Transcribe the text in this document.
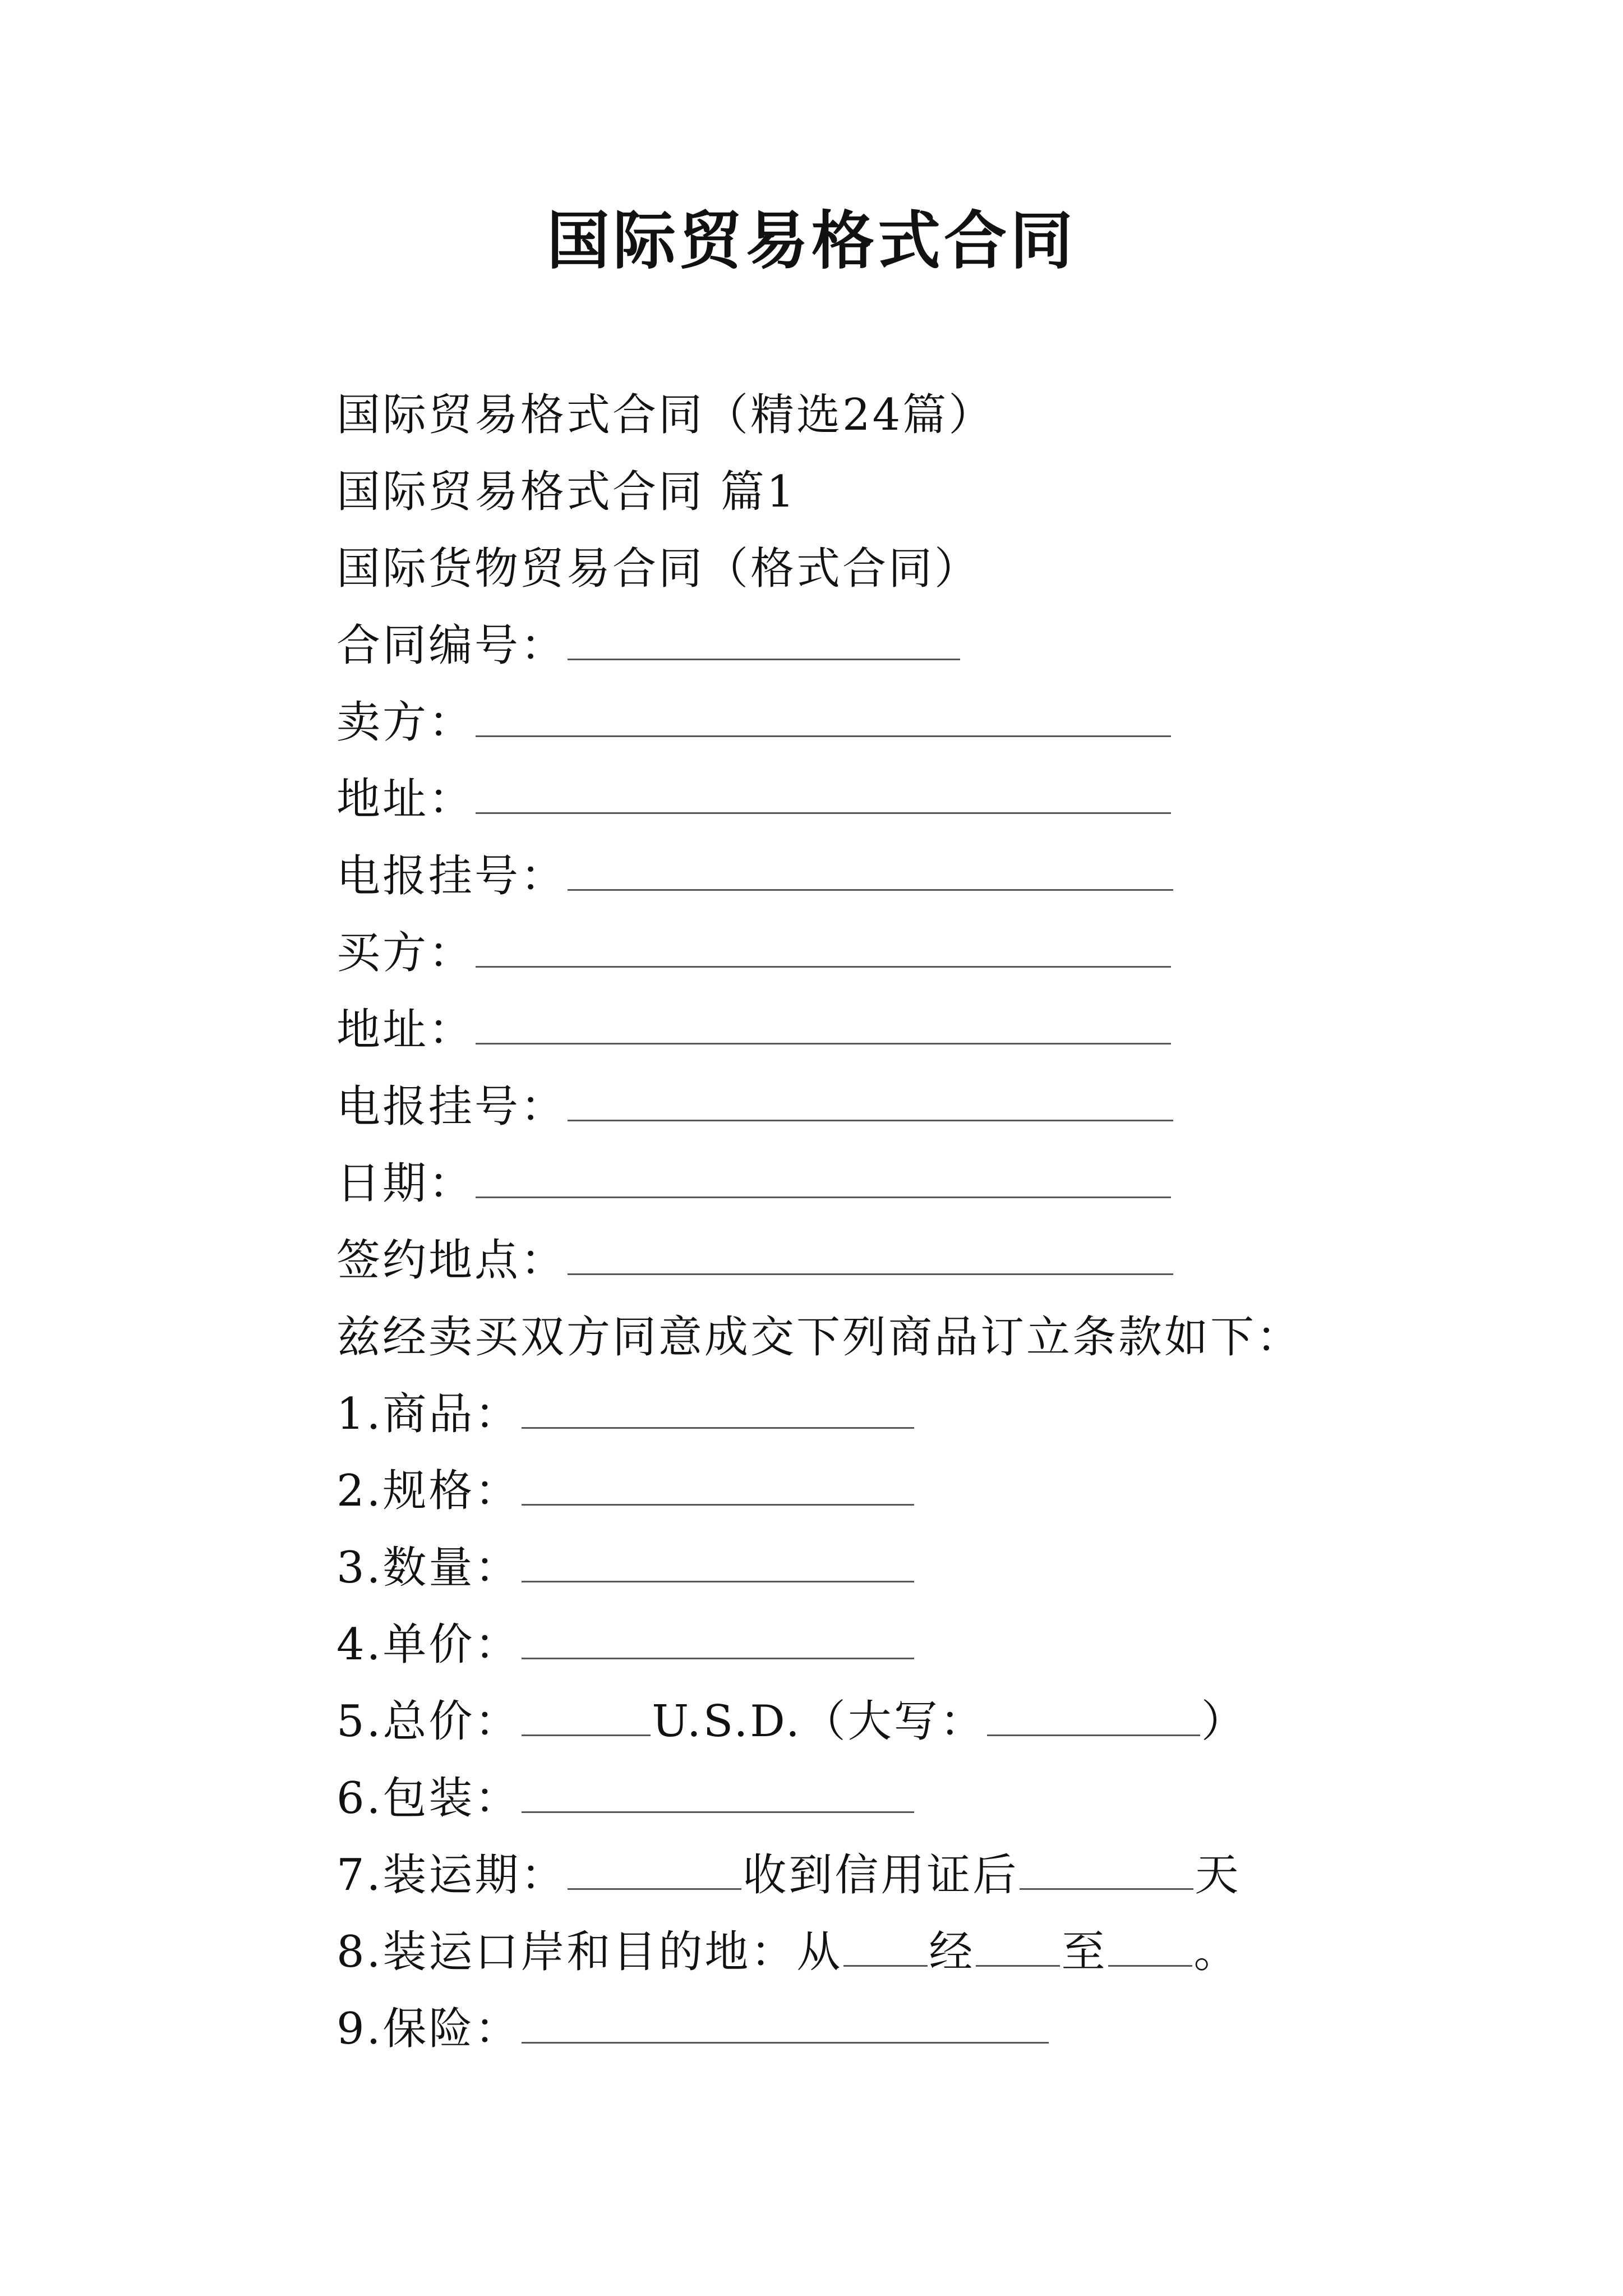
国际贸易格式合同
国际贸易格式合同（精选24篇）
国际贸易格式合同 篇1
国际货物贸易合同（格式合同）
合同编号：
卖方：
地址：
电报挂号：
买方：
地址：
电报挂号：
日期：
签约地点：
兹经卖买双方同意成交下列商品订立条款如下：
1.商品：
2.规格：
3.数量：
4.单价：
5.总价：	U.S.D.（大写：	）
6.包装：
7.装运期：	收到信用证后	天
8.装运口岸和目的地：从 经 至 。
9.保险：
